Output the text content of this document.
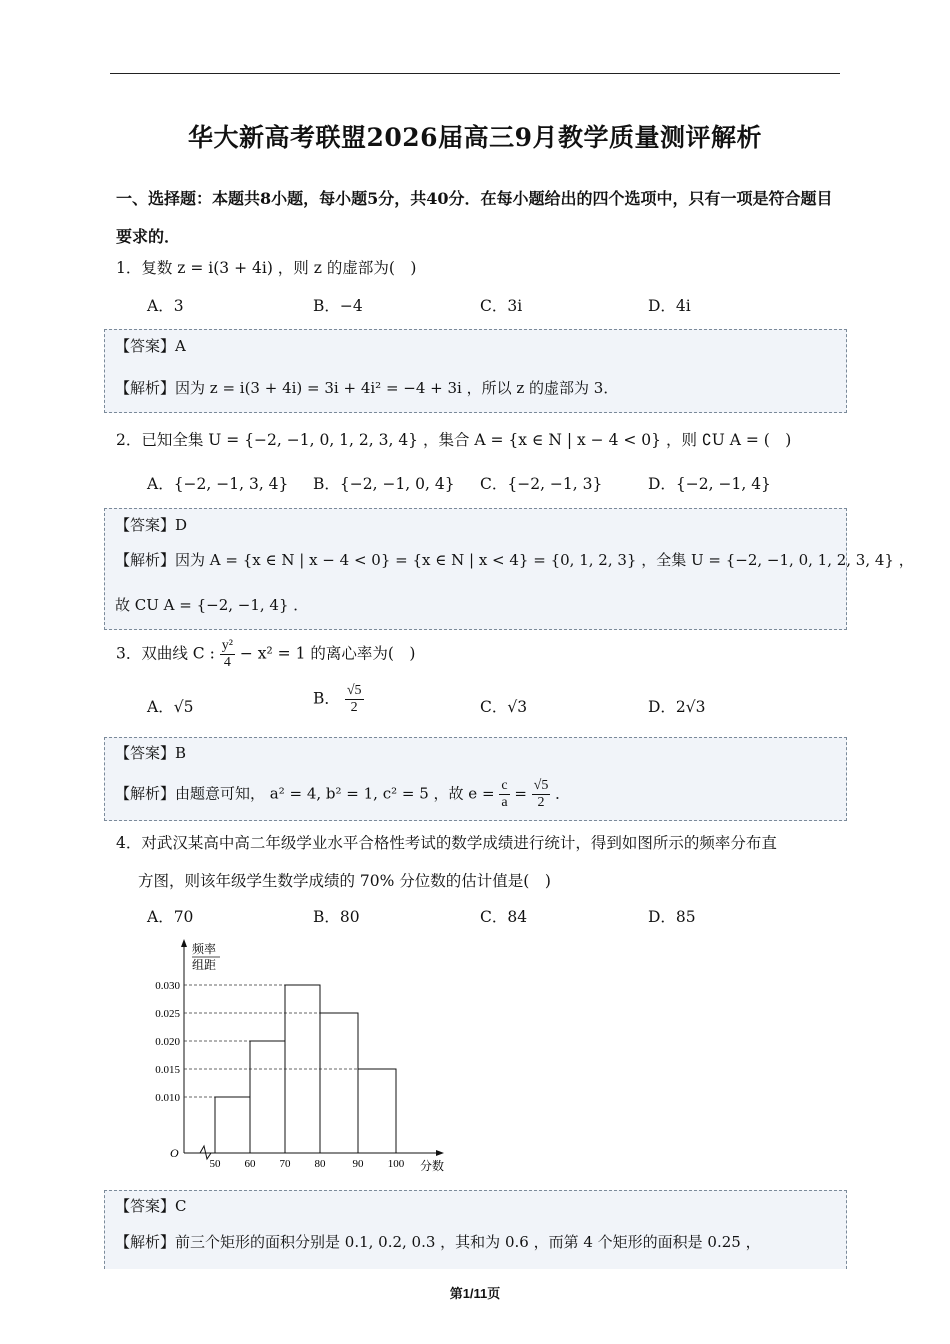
华大新高考联盟2026届高三9月教学质量测评解析
一、选择题：本题共8小题，每小题5分，共40分．在每小题给出的四个选项中，只有一项是符合题目要求的．
1．复数 z = i(3 + 4i) ，则 z 的虚部为(　)
A．3	B．−4	C．3i	D．4i
【答案】A
【解析】因为 z = i(3 + 4i) = 3i + 4i² = −4 + 3i ，所以 z 的虚部为 3．
2．已知全集 U = {−2, −1, 0, 1, 2, 3, 4} ，集合 A = {x ∈ N | x − 4 < 0} ，则 ∁U A = (　)
A．{−2, −1, 3, 4} B．{−2, −1, 0, 4} C．{−2, −1, 3}	D．{−2, −1, 4}
【答案】D
【解析】因为 A = {x ∈ N | x − 4 < 0} = {x ∈ N | x < 4} = {0, 1, 2, 3} ，全集 U = {−2, −1, 0, 1, 2, 3, 4} ，
故 CU A = {−2, −1, 4} ．
3．双曲线 C : $\frac{\text{y²}}{4} - x^2 = 1$ 的离心率为(　)
A．√5	B． $\frac{√5}{2}$	C．√3	D．2√3
【答案】B
【解析】由题意可知， a² = 4, b² = 1, c² = 5 ，故 $e = \frac{c}{a} = \frac{√5}{2}$ ．
4．对武汉某高中高二年级学业水平合格性考试的数学成绩进行统计，得到如图所示的频率分布直
方图，则该年级学生数学成绩的 70% 分位数的估计值是(　)
A．70	B．80	C．84	D．85
频率
组距
O
分数
0.010
0.015
0.020
0.025
0.030
50 60 70 80 90 100
【答案】C
【解析】前三个矩形的面积分别是 0.1, 0.2, 0.3 ，其和为 0.6 ，而第 4 个矩形的面积是 0.25 ，
第1/11页
